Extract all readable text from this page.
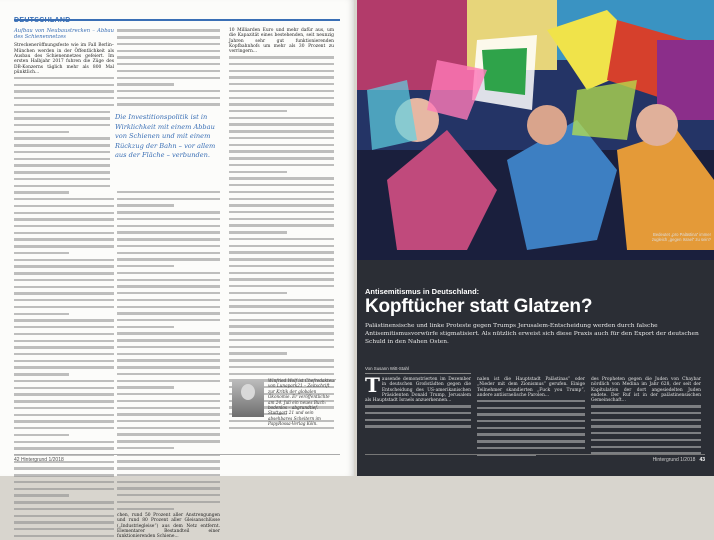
DEUTSCHLAND

Aufbau von Neubaustrecken – Abbau des Schienennetzes

Streckeneröffnungsfeste wie im Fall Berlin–München werden in der Öffentlichkeit als Ausbau des Schienennetzes gefeiert. Im ersten Halbjahr 2017 fuhren die Züge des DB-Konzerns täglich mehr als 800 Mal pünktlich...

chen, rund 50 Prozent aller Anstrengungen und rund 80 Prozent aller Gleisanschlüsse („Industriegleise“) aus dem Netz entfernt. Elementarer Bestandteil einer funktionierenden Schiene...

Die Investitionspolitik ist in Wirklichkeit mit einem Abbau von Schienen und mit einem Rückzug der Bahn – vor allem aus der Fläche – verbunden.

10 Milliarden Euro und mehr dafür aus, um die Kapazität eines bestehenden, seit neunzig Jahren sehr gut funktionierenden Kopfbahnhofs um mehr als 30 Prozent zu verringern...

Winfried Wolf ist Chefredakteur von Lunapark21 – Zeitschrift zur Kritik der globalen Ökonomie. Er veröffentlichte am 24. Juli ein neues Buch: bodenlos – abgrundtief. Stuttgart 21 und sein absehbares Scheitern im PapyRossa-Verlag Köln.
42 Hintergrund 1/2018
Bedeutet „pro Palästina“ immer zugleich „gegen Israel“ zu sein?
Antisemitismus in Deutschland:
Kopftücher statt Glatzen?
Palästinensische und linke Proteste gegen Trumps Jerusalem-Entscheidung werden durch falsche Antisemitismusvorwürfe stigmatisiert. Als nützlich erweist sich diese Praxis auch für den Export der deutschen Schuld in den Nahen Osten.
Von Susann Witt-Stahl
T ausende demonstrierten im Dezember in deutschen Großstädten gegen die Entscheidung des US-amerikanischen Präsidenten Donald Trump, Jerusalem als Hauptstadt Israels anzuerkennen...

nalen ist die Hauptstadt Palästinas“ oder „Nieder mit dem Zionismus“ gerufen. Einige Teilnehmer skandierten „Fuck you Trump“, andere antiisraelische Parolen...

des Propheten gegen die Juden von Chaybar nördlich von Medina im Jahr 628, der seit der Kapitulation der dort angesiedelten Juden endete. Der Ruf ist in der palästinensischen Gemeinschaft...

Hintergrund 1/2018 43
